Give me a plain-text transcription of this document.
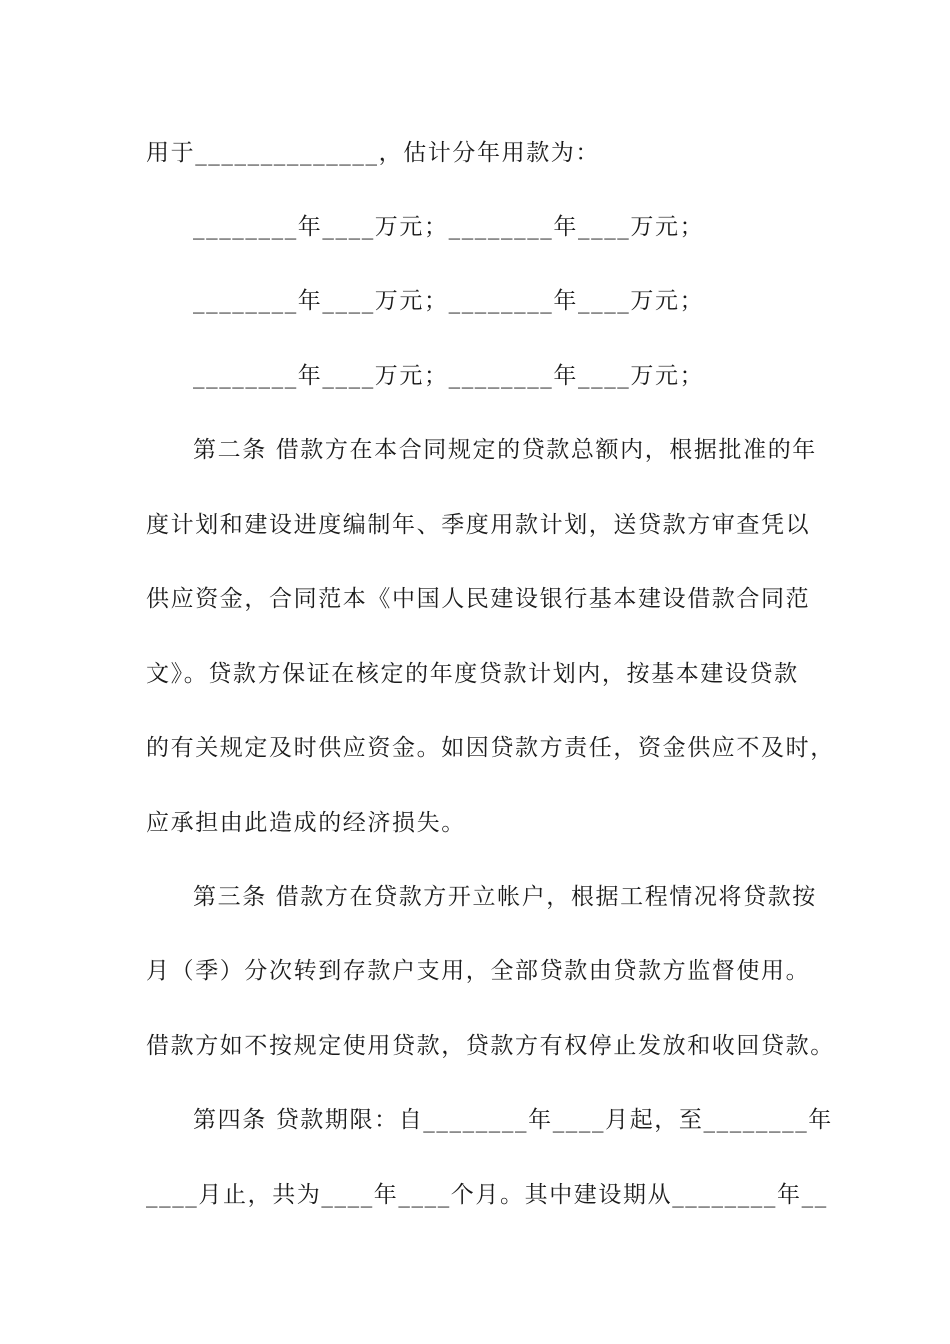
用于______________，估计分年用款为：
________年____万元；________年____万元；
________年____万元；________年____万元；
________年____万元；________年____万元；
第二条 借款方在本合同规定的贷款总额内，根据批准的年
度计划和建设进度编制年、季度用款计划，送贷款方审查凭以
供应资金，合同范本《中国人民建设银行基本建设借款合同范
文》。贷款方保证在核定的年度贷款计划内，按基本建设贷款
的有关规定及时供应资金。如因贷款方责任，资金供应不及时，
应承担由此造成的经济损失。
第三条 借款方在贷款方开立帐户，根据工程情况将贷款按
月（季）分次转到存款户支用，全部贷款由贷款方监督使用。
借款方如不按规定使用贷款，贷款方有权停止发放和收回贷款。
第四条 贷款期限：自________年____月起，至________年
____月止，共为____年____个月。其中建设期从________年__
